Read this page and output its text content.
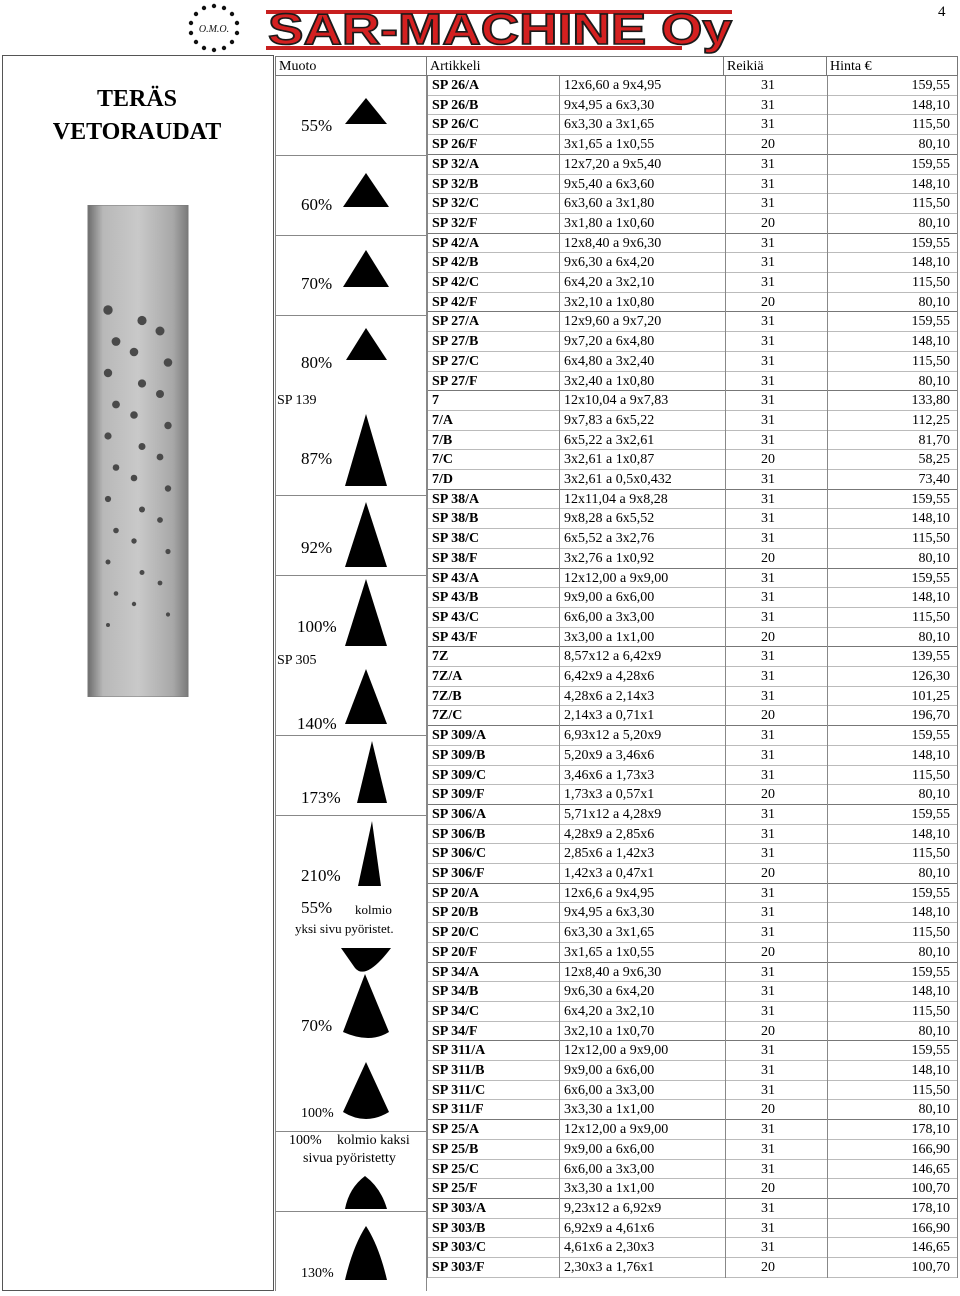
4
O.M.O. SAR-MACHINE Oy
TERÄS
VETORAUDAT
Muoto	Artikkeli	Reikiä	Hinta €
55%
60%
70%
80%
SP 139
87%
92%
100%
SP 305
140%
173%
210%
55% kolmio
yksi sivu pyöristet.
70%
100%
100% kolmio kaksi
sivua pyöristetty
130%
SP 26/A	12x6,60 a 9x4,95	31	159,55
SP 26/B	9x4,95 a 6x3,30	31	148,10
SP 26/C	6x3,30 a 3x1,65	31	115,50
SP 26/F	3x1,65 a 1x0,55	20	80,10
SP 32/A	12x7,20 a 9x5,40	31	159,55
SP 32/B	9x5,40 a 6x3,60	31	148,10
SP 32/C	6x3,60 a 3x1,80	31	115,50
SP 32/F	3x1,80 a 1x0,60	20	80,10
SP 42/A	12x8,40 a 9x6,30	31	159,55
SP 42/B	9x6,30 a 6x4,20	31	148,10
SP 42/C	6x4,20 a 3x2,10	31	115,50
SP 42/F	3x2,10 a 1x0,80	20	80,10
SP 27/A	12x9,60 a 9x7,20	31	159,55
SP 27/B	9x7,20 a 6x4,80	31	148,10
SP 27/C	6x4,80 a 3x2,40	31	115,50
SP 27/F	3x2,40 a 1x0,80	31	80,10
7	12x10,04 a 9x7,83	31	133,80
7/A	9x7,83 a 6x5,22	31	112,25
7/B	6x5,22 a 3x2,61	31	81,70
7/C	3x2,61 a 1x0,87	20	58,25
7/D	3x2,61 a 0,5x0,432	31	73,40
SP 38/A	12x11,04 a 9x8,28	31	159,55
SP 38/B	9x8,28 a 6x5,52	31	148,10
SP 38/C	6x5,52 a 3x2,76	31	115,50
SP 38/F	3x2,76 a 1x0,92	20	80,10
SP 43/A	12x12,00 a 9x9,00	31	159,55
SP 43/B	9x9,00 a 6x6,00	31	148,10
SP 43/C	6x6,00 a 3x3,00	31	115,50
SP 43/F	3x3,00 a 1x1,00	20	80,10
7Z	8,57x12 a 6,42x9	31	139,55
7Z/A	6,42x9 a 4,28x6	31	126,30
7Z/B	4,28x6 a 2,14x3	31	101,25
7Z/C	2,14x3 a 0,71x1	20	196,70
SP 309/A	6,93x12 a 5,20x9	31	159,55
SP 309/B	5,20x9 a 3,46x6	31	148,10
SP 309/C	3,46x6 a 1,73x3	31	115,50
SP 309/F	1,73x3 a 0,57x1	20	80,10
SP 306/A	5,71x12 a 4,28x9	31	159,55
SP 306/B	4,28x9 a 2,85x6	31	148,10
SP 306/C	2,85x6 a 1,42x3	31	115,50
SP 306/F	1,42x3 a 0,47x1	20	80,10
SP 20/A	12x6,6 a 9x4,95	31	159,55
SP 20/B	9x4,95 a 6x3,30	31	148,10
SP 20/C	6x3,30 a 3x1,65	31	115,50
SP 20/F	3x1,65 a 1x0,55	20	80,10
SP 34/A	12x8,40 a 9x6,30	31	159,55
SP 34/B	9x6,30 a 6x4,20	31	148,10
SP 34/C	6x4,20 a 3x2,10	31	115,50
SP 34/F	3x2,10 a 1x0,70	20	80,10
SP 311/A	12x12,00 a 9x9,00	31	159,55
SP 311/B	9x9,00 a 6x6,00	31	148,10
SP 311/C	6x6,00 a 3x3,00	31	115,50
SP 311/F	3x3,30 a 1x1,00	20	80,10
SP 25/A	12x12,00 a 9x9,00	31	178,10
SP 25/B	9x9,00 a 6x6,00	31	166,90
SP 25/C	6x6,00 a 3x3,00	31	146,65
SP 25/F	3x3,30 a 1x1,00	20	100,70
SP 303/A	9,23x12 a 6,92x9	31	178,10
SP 303/B	6,92x9 a 4,61x6	31	166,90
SP 303/C	4,61x6 a 2,30x3	31	146,65
SP 303/F	2,30x3 a 1,76x1	20	100,70
